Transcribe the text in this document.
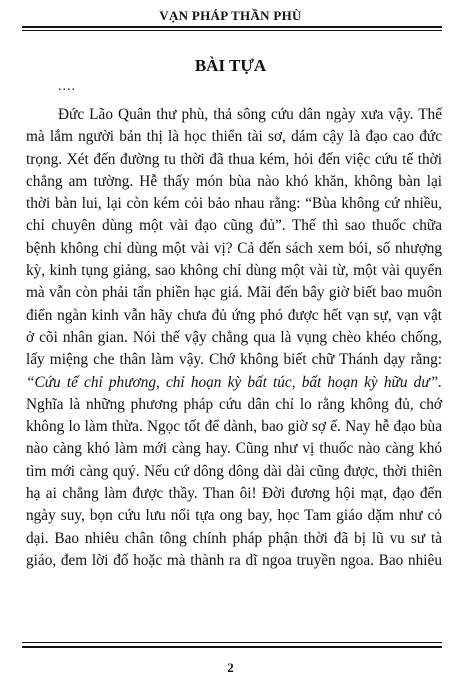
VẠN PHÁP THẦN PHÙ
BÀI TỰA
....
Đức Lão Quân thư phù, thả sông cứu dân ngày xưa vậy. Thế
mà lắm người bản thị là học thiển tài sơ, dám cậy là đạo cao đức
trọng. Xét đến đường tu thời đã thua kém, hỏi đến việc cứu tế thời
chẳng am tường. Hễ thấy món bùa nào khó khăn, không bàn lại
thời bàn lui, lại còn kém cỏi bảo nhau rằng: “Bùa không cứ nhiều,
chỉ chuyên dùng một vài đạo cũng đủ”. Thế thì sao thuốc chữa
bệnh không chỉ dùng một vài vị? Cả đến sách xem bói, số nhượng
kỳ, kinh tụng giảng, sao không chỉ dùng một vài từ, một vài quyển
mà vẫn còn phải tẩn phiền hạc giá. Mãi đến bây giờ biết bao muôn
điển ngàn kinh vẫn hãy chưa đủ ứng phó được hết vạn sự, vạn vật
ở cõi nhân gian. Nói thế vậy chẳng qua là vụng chèo khéo chống,
lấy miệng che thân làm vậy. Chớ không biết chữ Thánh dạy rằng:
“Cứu tế chỉ phương, chỉ hoạn kỳ bất túc, bất hoạn kỳ hữu dư”.
Nghĩa là những phương pháp cứu dân chỉ lo rằng không đủ, chớ
không lo làm thừa. Ngọc tốt để dành, bao giờ sợ ế. Nay hễ đạo bùa
nào càng khó làm mới càng hay. Cũng như vị thuốc nào càng khó
tìm mới càng quý. Nếu cứ dông dông dài dài cũng được, thời thiên
hạ ai chẳng làm được thầy. Than ôi! Đời đương hội mạt, đạo đến
ngày suy, bọn cứu lưu nổi tựa ong bay, học Tam giáo dặm như cỏ
dại. Bao nhiêu chân tông chính pháp phận thời đã bị lũ vu sư tà
giáo, đem lời đố hoặc mà thành ra dĩ ngoa truyền ngoa. Bao nhiêu
2
